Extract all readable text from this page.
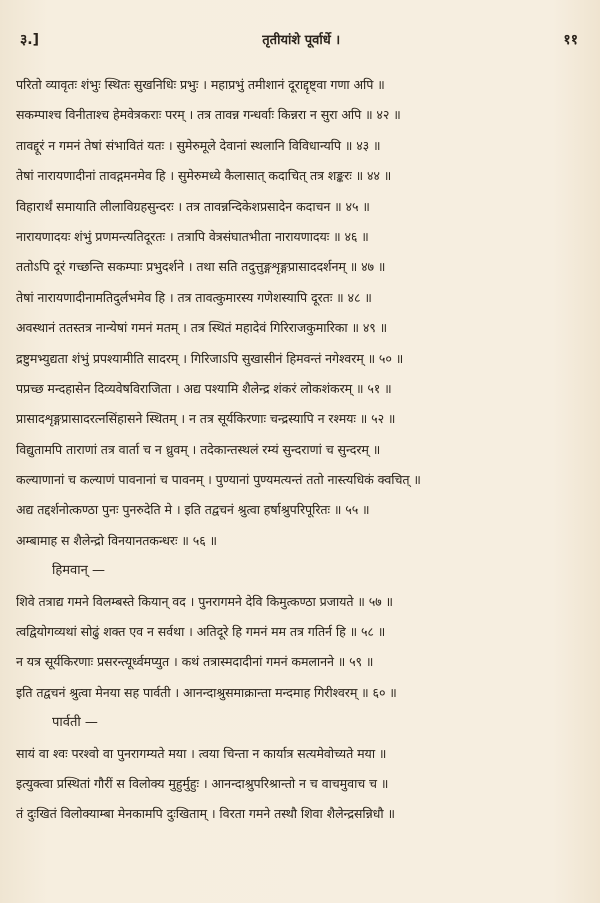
३.]	तृतीयांशे पूर्वार्धे ।	११
परितो व्यावृतः शंभुः स्थितः सुखनिधिः प्रभुः । महाप्रभुं तमीशानं दूराद्दृष्ट्वा गणा अपि ॥
सकम्पाश्च विनीताश्च हेमवेत्रकराः परम् । तत्र तावन्न गन्धर्वाः किन्नरा न सुरा अपि ॥ ४२ ॥
तावद्दूरं न गमनं तेषां संभावितं यतः । सुमेरुमूले देवानां स्थलानि विविधान्यपि ॥ ४३ ॥
तेषां नारायणादीनां तावद्गमनमेव हि । सुमेरुमध्ये कैलासात् कदाचित् तत्र शङ्करः ॥ ४४ ॥
विहारार्थं समायाति लीलाविग्रहसुन्दरः । तत्र तावन्नन्दिकेशप्रसादेन कदाचन ॥ ४५ ॥
नारायणादयः शंभुं प्रणमन्त्यतिदूरतः । तत्रापि वेत्रसंघातभीता नारायणादयः ॥ ४६ ॥
ततोऽपि दूरं गच्छन्ति सकम्पाः प्रभुदर्शने । तथा सति तदुत्तुङ्गशृङ्गप्रासाददर्शनम् ॥ ४७ ॥
तेषां नारायणादीनामतिदुर्लभमेव हि । तत्र तावत्कुमारस्य गणेशस्यापि दूरतः ॥ ४८ ॥
अवस्थानं ततस्तत्र नान्येषां गमनं मतम् । तत्र स्थितं महादेवं गिरिराजकुमारिका ॥ ४९ ॥
द्रष्टुमभ्युद्यता शंभुं प्रपश्यामीति सादरम् । गिरिजाऽपि सुखासीनं हिमवन्तं नगेश्वरम् ॥ ५० ॥
पप्रच्छ मन्दहासेन दिव्यवेषविराजिता । अद्य पश्यामि शैलेन्द्र शंकरं लोकशंकरम् ॥ ५१ ॥
प्रासादशृङ्गप्रासादरत्नसिंहासने स्थितम् । न तत्र सूर्यकिरणाः चन्द्रस्यापि न रश्मयः ॥ ५२ ॥
विद्युतामपि ताराणां तत्र वार्ता च न ध्रुवम् । तदेकान्तस्थलं रम्यं सुन्दराणां च सुन्दरम् ॥
कल्याणानां च कल्याणं पावनानां च पावनम् । पुण्यानां पुण्यमत्यन्तं ततो नास्त्यधिकं क्वचित् ॥
अद्य तद्दर्शनोत्कण्ठा पुनः पुनरुदेति मे । इति तद्वचनं श्रुत्वा हर्षाश्रुपरिपूरितः ॥ ५५ ॥
अम्बामाह स शैलेन्द्रो विनयानतकन्धरः ॥ ५६ ॥
हिमवान् —
शिवे तत्राद्य गमने विलम्बस्ते कियान् वद । पुनरागमने देवि किमुत्कण्ठा प्रजायते ॥ ५७ ॥
त्वद्वियोगव्यथां सोढुं शक्त एव न सर्वथा । अतिदूरे हि गमनं मम तत्र गतिर्न हि ॥ ५८ ॥
न यत्र सूर्यकिरणाः प्रसरन्त्यूर्ध्वमप्युत । कथं तत्रास्मदादीनां गमनं कमलानने ॥ ५९ ॥
इति तद्वचनं श्रुत्वा मेनया सह पार्वती । आनन्दाश्रुसमाक्रान्ता मन्दमाह गिरीश्वरम् ॥ ६० ॥
पार्वती —
सायं वा श्वः परश्वो वा पुनरागम्यते मया । त्वया चिन्ता न कार्यात्र सत्यमेवोच्यते मया ॥
इत्युक्त्वा प्रस्थितां गौरीं स विलोक्य मुहुर्मुहुः । आनन्दाश्रुपरिश्रान्तो न च वाचमुवाच च ॥
तं दुःखितं विलोक्याम्बा मेनकामपि दुःखिताम् । विरता गमने तस्थौ शिवा शैलेन्द्रसन्निधौ ॥
